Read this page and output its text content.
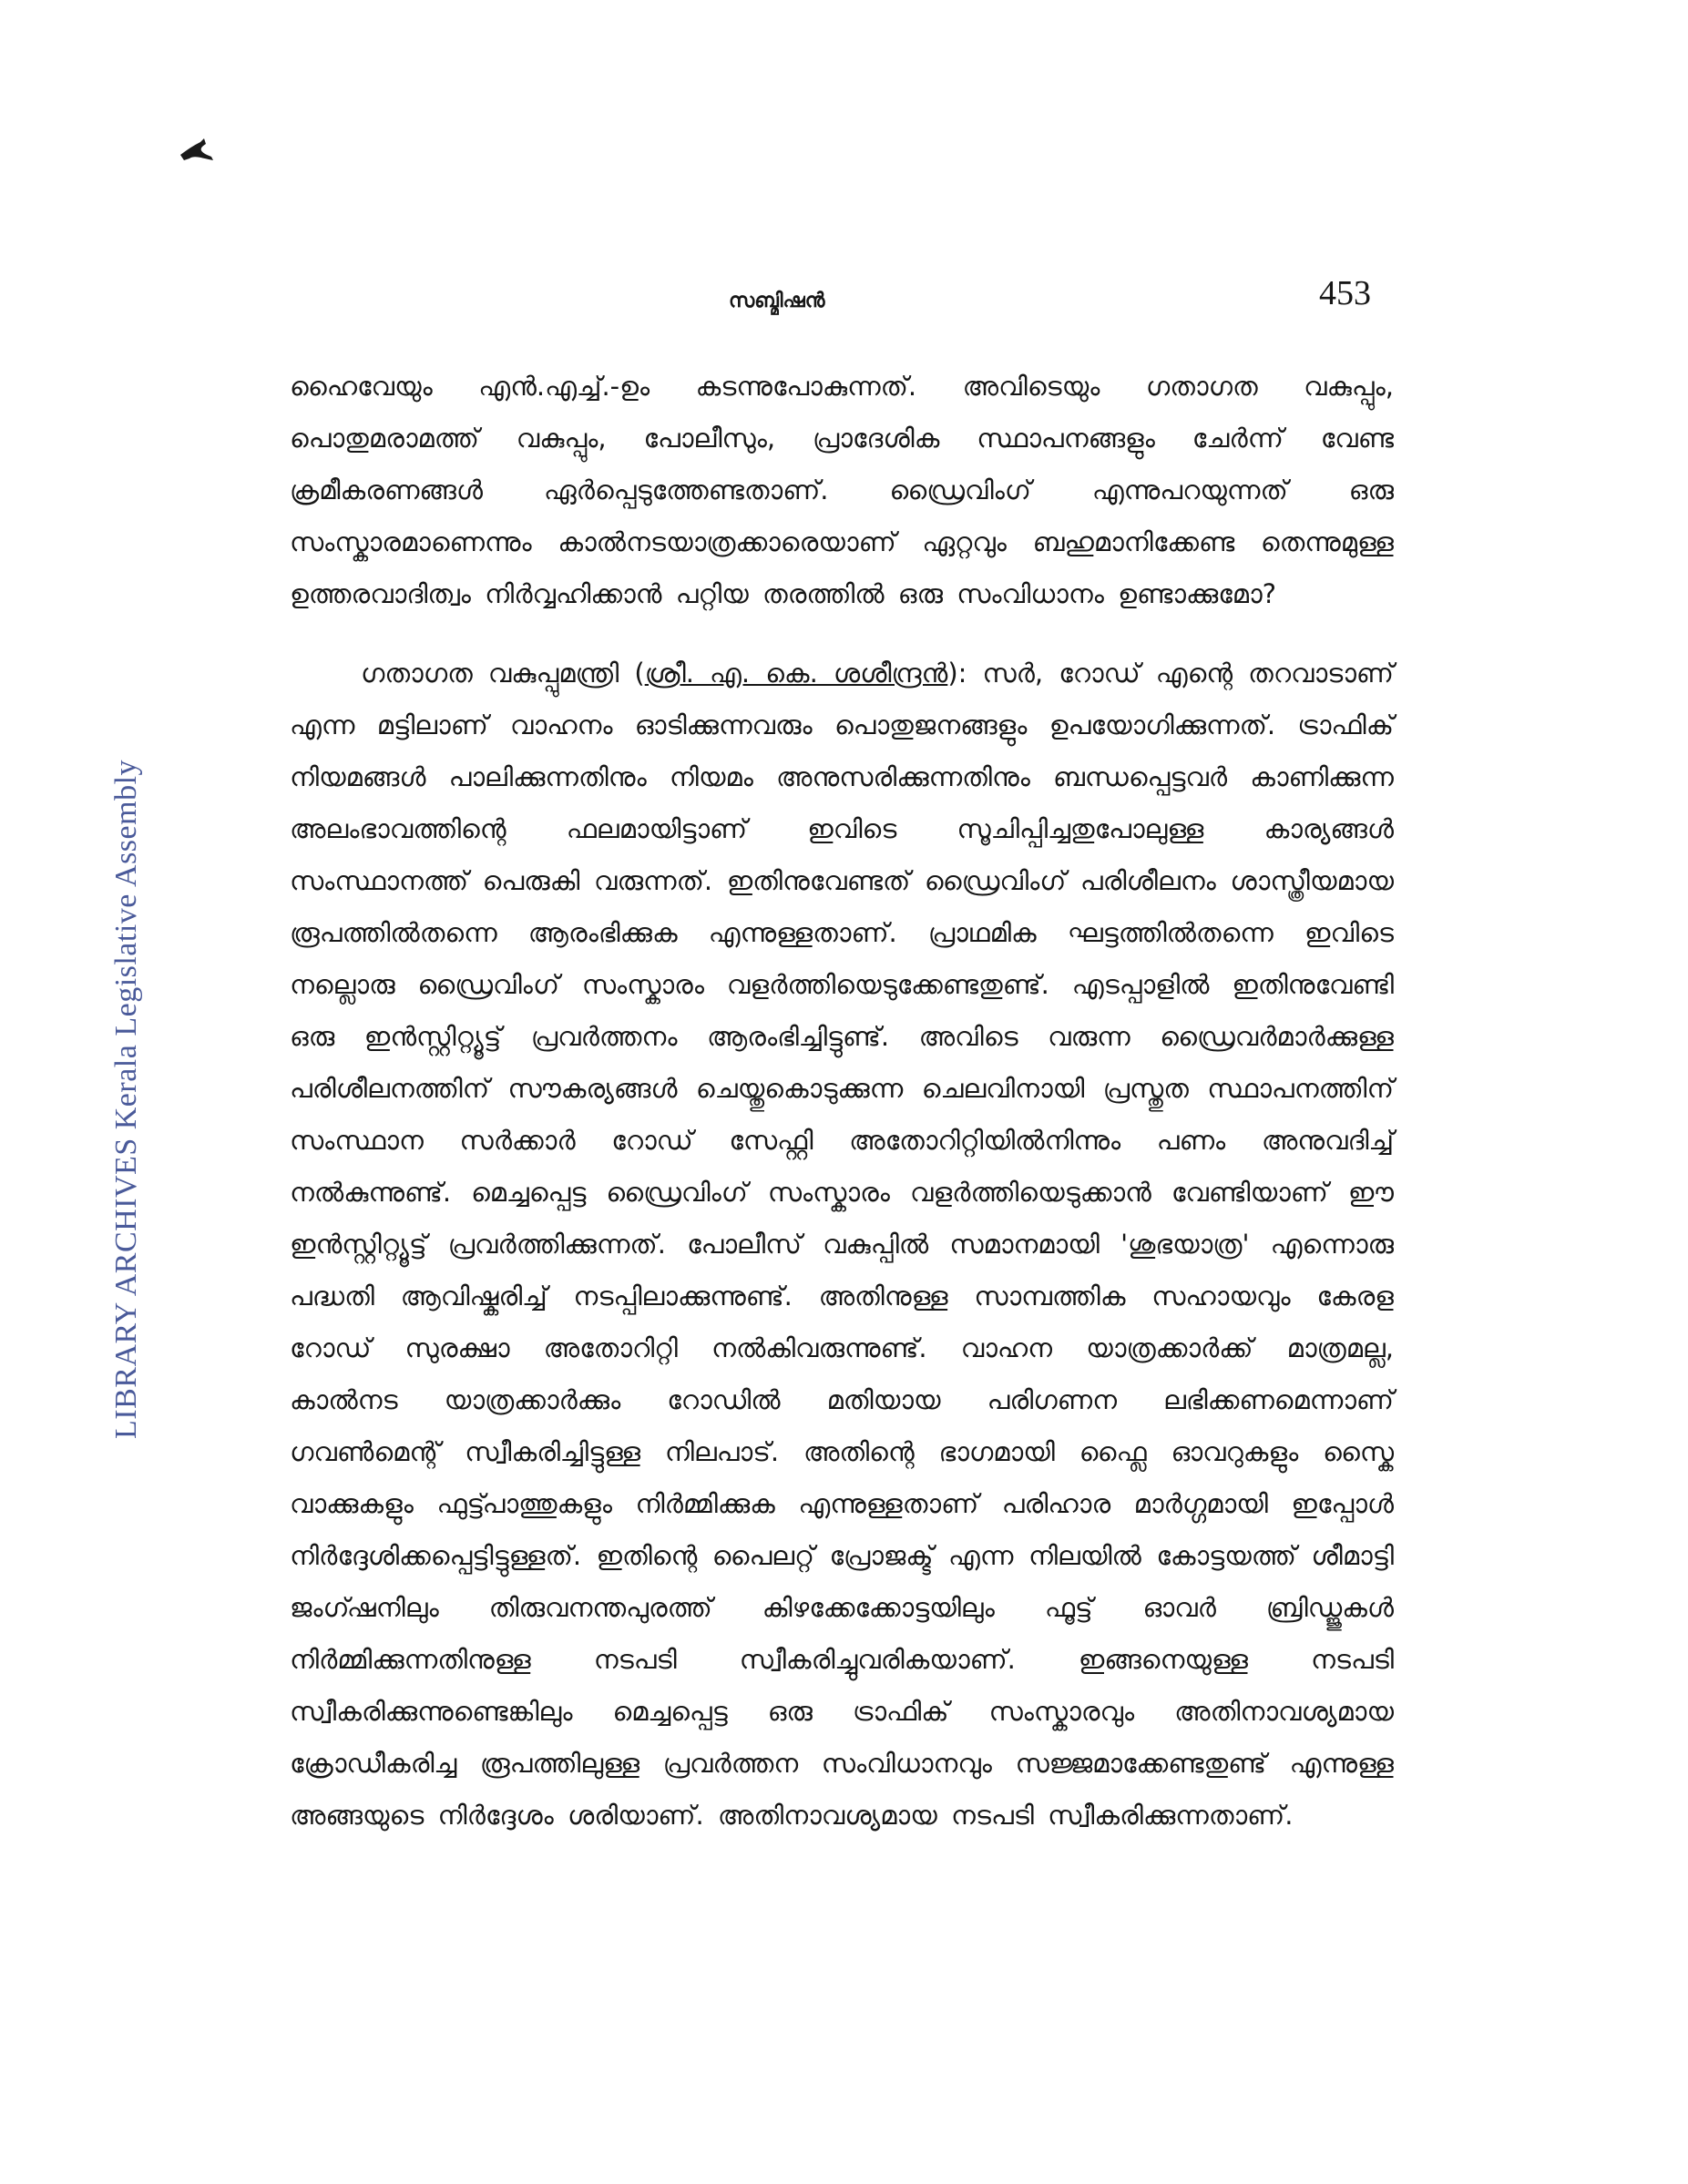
LIBRARY ARCHIVES Kerala Legislative Assembly
സബ്മിഷൻ	453

ഹൈവേയും എൻ.എച്ച്.-ഉം കടന്നുപോകുന്നത്. അവിടെയും ഗതാഗത വകുപ്പും, പൊതുമരാമത്ത് വകുപ്പും, പോലീസും, പ്രാദേശിക സ്ഥാപനങ്ങളും ചേർന്ന് വേണ്ട ക്രമീകരണങ്ങൾ ഏർപ്പെടുത്തേണ്ടതാണ്. ഡ്രൈവിംഗ് എന്നുപറയുന്നത് ഒരു സംസ്കാരമാണെന്നും കാൽനടയാത്രക്കാരെയാണ് ഏറ്റവും ബഹുമാനിക്കേണ്ട തെന്നുമുള്ള ഉത്തരവാദിത്വം നിർവ്വഹിക്കാൻ പറ്റിയ തരത്തിൽ ഒരു സംവിധാനം ഉണ്ടാക്കുമോ?

ഗതാഗത വകുപ്പുമന്ത്രി (ശ്രീ. എ. കെ. ശശീന്ദ്രൻ): സർ, റോഡ് എന്റെ തറവാടാണ് എന്ന മട്ടിലാണ് വാഹനം ഓടിക്കുന്നവരും പൊതുജനങ്ങളും ഉപയോഗിക്കുന്നത്. ട്രാഫിക് നിയമങ്ങൾ പാലിക്കുന്നതിനും നിയമം അനുസരിക്കുന്നതിനും ബന്ധപ്പെട്ടവർ കാണിക്കുന്ന അലംഭാവത്തിന്റെ ഫലമായിട്ടാണ് ഇവിടെ സൂചിപ്പിച്ചതുപോലുള്ള കാര്യങ്ങൾ സംസ്ഥാനത്ത് പെരുകി വരുന്നത്. ഇതിനുവേണ്ടത് ഡ്രൈവിംഗ് പരിശീലനം ശാസ്ത്രീയമായ രൂപത്തിൽതന്നെ ആരംഭിക്കുക എന്നുള്ളതാണ്. പ്രാഥമിക ഘട്ടത്തിൽതന്നെ ഇവിടെ നല്ലൊരു ഡ്രൈവിംഗ് സംസ്കാരം വളർത്തിയെടുക്കേണ്ടതുണ്ട്. എടപ്പാളിൽ ഇതിനുവേണ്ടി ഒരു ഇൻസ്റ്റിറ്റ്യൂട്ട് പ്രവർത്തനം ആരംഭിച്ചിട്ടുണ്ട്. അവിടെ വരുന്ന ഡ്രൈവർമാർക്കുള്ള പരിശീലനത്തിന് സൗകര്യങ്ങൾ ചെയ്തുകൊടുക്കുന്ന ചെലവിനായി പ്രസ്തുത സ്ഥാപനത്തിന് സംസ്ഥാന സർക്കാർ റോഡ് സേഫ്റ്റി അതോറിറ്റിയിൽനിന്നും പണം അനുവദിച്ച് നൽകുന്നുണ്ട്. മെച്ചപ്പെട്ട ഡ്രൈവിംഗ് സംസ്കാരം വളർത്തിയെടുക്കാൻ വേണ്ടിയാണ് ഈ ഇൻസ്റ്റിറ്റ്യൂട്ട് പ്രവർത്തിക്കുന്നത്. പോലീസ് വകുപ്പിൽ സമാനമായി 'ശുഭയാത്ര' എന്നൊരു പദ്ധതി ആവിഷ്കരിച്ച് നടപ്പിലാക്കുന്നുണ്ട്. അതിനുള്ള സാമ്പത്തിക സഹായവും കേരള റോഡ് സുരക്ഷാ അതോറിറ്റി നൽകിവരുന്നുണ്ട്. വാഹന യാത്രക്കാർക്ക് മാത്രമല്ല, കാൽനട യാത്രക്കാർക്കും റോഡിൽ മതിയായ പരിഗണന ലഭിക്കണമെന്നാണ് ഗവൺമെന്റ് സ്വീകരിച്ചിട്ടുള്ള നിലപാട്. അതിന്റെ ഭാഗമായി ഫ്ലൈ ഓവറുകളും സ്കൈ വാക്കുകളും ഫുട്ട്പാത്തുകളും നിർമ്മിക്കുക എന്നുള്ളതാണ് പരിഹാര മാർഗ്ഗമായി ഇപ്പോൾ നിർദ്ദേശിക്കപ്പെട്ടിട്ടുള്ളത്. ഇതിന്റെ പൈലറ്റ് പ്രോജക്ട് എന്ന നിലയിൽ കോട്ടയത്ത് ശീമാട്ടി ജംഗ്ഷനിലും തിരുവനന്തപുരത്ത് കിഴക്കേക്കോട്ടയിലും ഫൂട്ട് ഓവർ ബ്രിഡ്ജുകൾ നിർമ്മിക്കുന്നതിനുള്ള നടപടി സ്വീകരിച്ചുവരികയാണ്. ഇങ്ങനെയുള്ള നടപടി സ്വീകരിക്കുന്നുണ്ടെങ്കിലും മെച്ചപ്പെട്ട ഒരു ട്രാഫിക് സംസ്കാരവും അതിനാവശ്യമായ ക്രോഡീകരിച്ച രൂപത്തിലുള്ള പ്രവർത്തന സംവിധാനവും സജ്ജമാക്കേണ്ടതുണ്ട് എന്നുള്ള അങ്ങയുടെ നിർദ്ദേശം ശരിയാണ്. അതിനാവശ്യമായ നടപടി സ്വീകരിക്കുന്നതാണ്.
